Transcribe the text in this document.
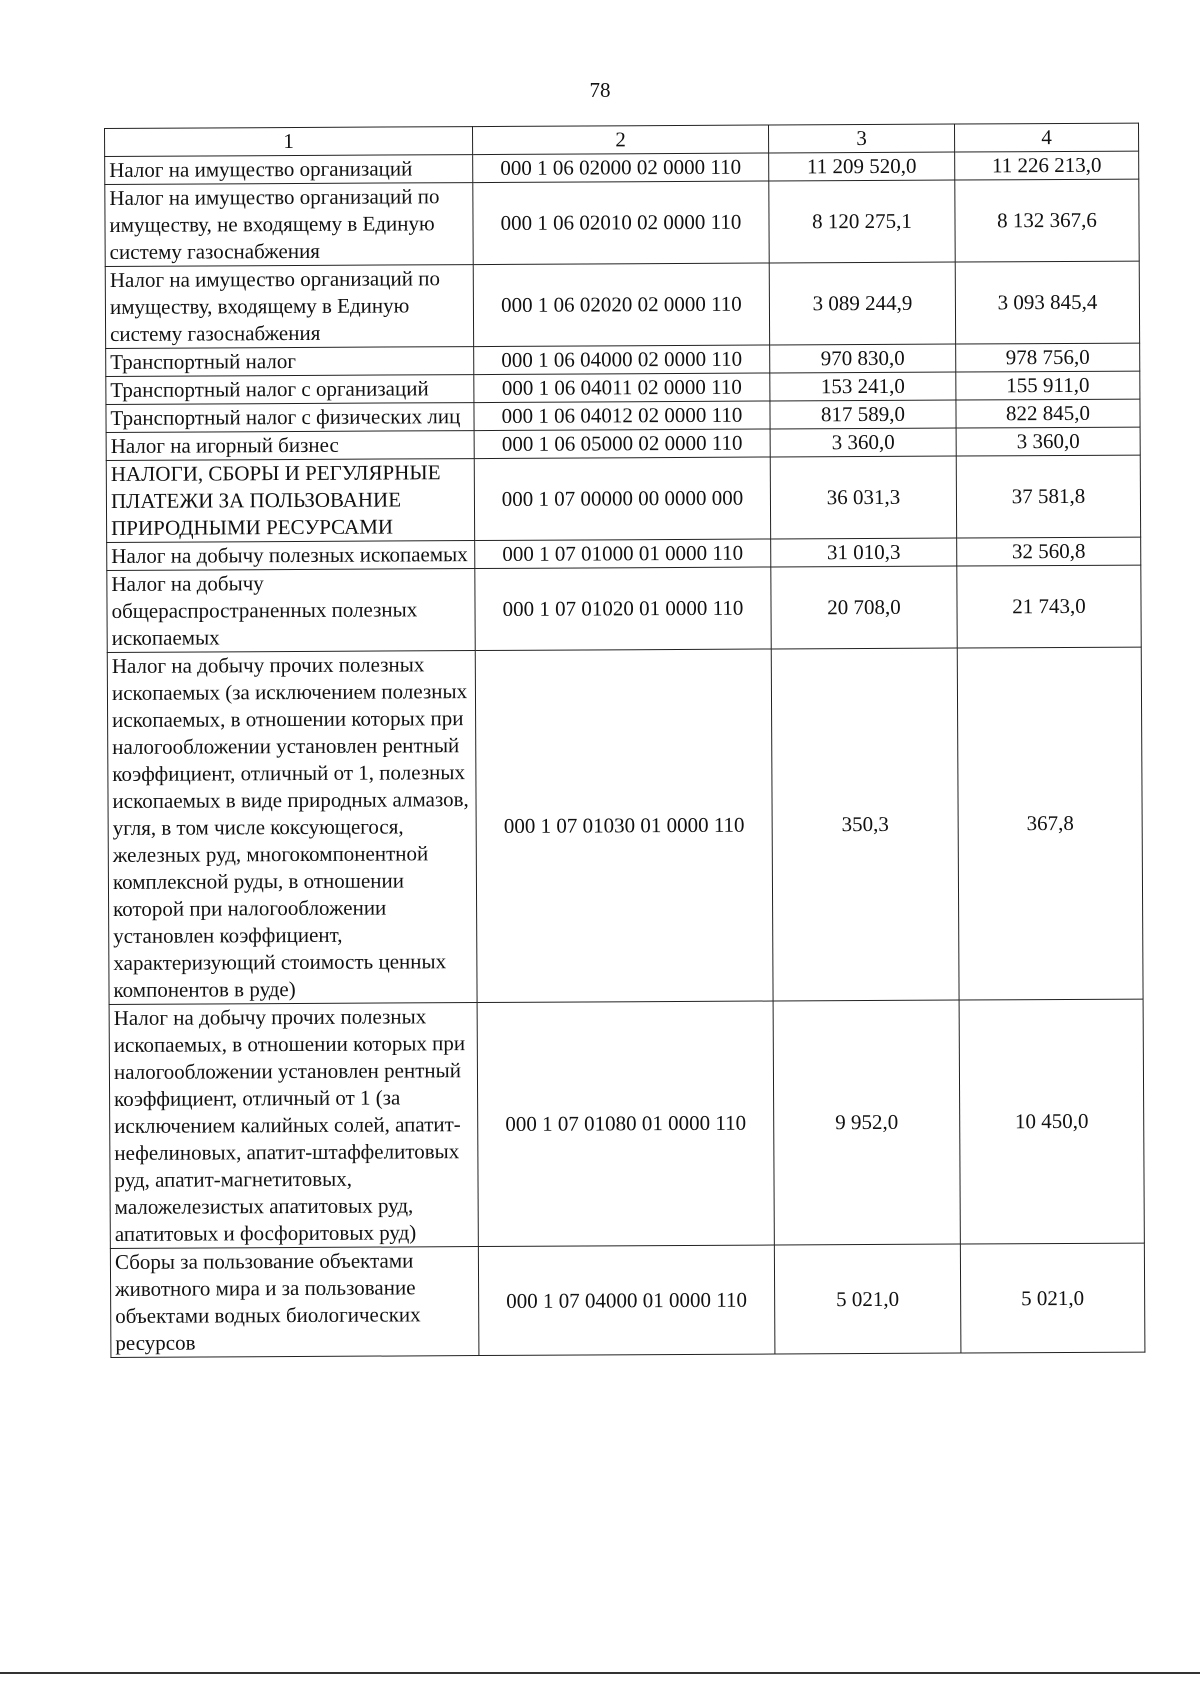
78
1	2	3	4
Налог на имущество организаций	000 1 06 02000 02 0000 110	11 209 520,0	11 226 213,0
Налог на имущество организаций по имуществу, не входящему в Единую систему газоснабжения	000 1 06 02010 02 0000 110	8 120 275,1	8 132 367,6
Налог на имущество организаций по имуществу, входящему в Единую систему газоснабжения	000 1 06 02020 02 0000 110	3 089 244,9	3 093 845,4
Транспортный налог	000 1 06 04000 02 0000 110	970 830,0	978 756,0
Транспортный налог с организаций	000 1 06 04011 02 0000 110	153 241,0	155 911,0
Транспортный налог с физических лиц	000 1 06 04012 02 0000 110	817 589,0	822 845,0
Налог на игорный бизнес	000 1 06 05000 02 0000 110	3 360,0	3 360,0
НАЛОГИ, СБОРЫ И РЕГУЛЯРНЫЕ ПЛАТЕЖИ ЗА ПОЛЬЗОВАНИЕ ПРИРОДНЫМИ РЕСУРСАМИ	000 1 07 00000 00 0000 000	36 031,3	37 581,8
Налог на добычу полезных ископаемых	000 1 07 01000 01 0000 110	31 010,3	32 560,8
Налог на добычу общераспространенных полезных ископаемых	000 1 07 01020 01 0000 110	20 708,0	21 743,0
Налог на добычу прочих полезных ископаемых (за исключением полезных ископаемых, в отношении которых при налогообложении установлен рентный коэффициент, отличный от 1, полезных ископаемых в виде природных алмазов, угля, в том числе коксующегося, железных руд, многокомпонентной комплексной руды, в отношении которой при налогообложении установлен коэффициент, характеризующий стоимость ценных компонентов в руде)	000 1 07 01030 01 0000 110	350,3	367,8
Налог на добычу прочих полезных ископаемых, в отношении которых при налогообложении установлен рентный коэффициент, отличный от 1 (за исключением калийных солей, апатит-нефелиновых, апатит-штаффелитовых руд, апатит-магнетитовых, маложелезистых апатитовых руд, апатитовых и фосфоритовых руд)	000 1 07 01080 01 0000 110	9 952,0	10 450,0
Сборы за пользование объектами животного мира и за пользование объектами водных биологических ресурсов	000 1 07 04000 01 0000 110	5 021,0	5 021,0
